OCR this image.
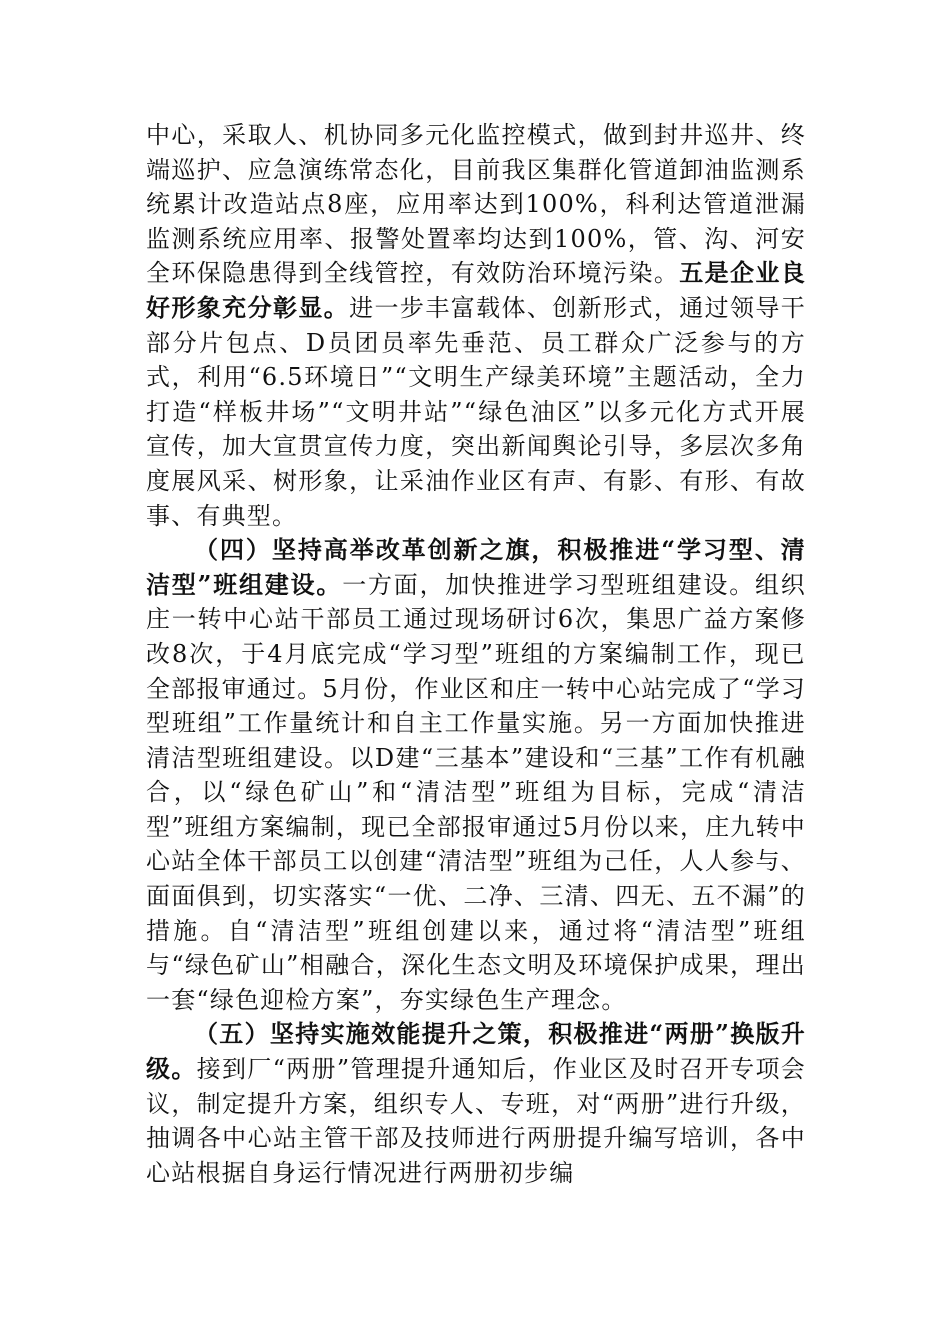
中心，采取人、机协同多元化监控模式，做到封井巡井、终端巡护、应急演练常态化，目前我区集群化管道卸油监测系统累计改造站点8座，应用率达到100%，科利达管道泄漏监测系统应用率、报警处置率均达到100%，管、沟、河安全环保隐患得到全线管控，有效防治环境污染。五是企业良好形象充分彰显。进一步丰富载体、创新形式，通过领导干部分片包点、D员团员率先垂范、员工群众广泛参与的方式，利用“6.5环境日”“文明生产绿美环境”主题活动，全力打造“样板井场”“文明井站”“绿色油区”以多元化方式开展宣传，加大宣贯宣传力度，突出新闻舆论引导，多层次多角度展风采、树形象，让采油作业区有声、有影、有形、有故事、有典型。

（四）坚持高举改革创新之旗，积极推进“学习型、清洁型”班组建设。一方面，加快推进学习型班组建设。组织庄一转中心站干部员工通过现场研讨6次，集思广益方案修改8次，于4月底完成“学习型”班组的方案编制工作，现已全部报审通过。5月份，作业区和庄一转中心站完成了“学习型班组”工作量统计和自主工作量实施。另一方面加快推进清洁型班组建设。以D建“三基本”建设和“三基”工作有机融合，以“绿色矿山”和“清洁型”班组为目标，完成“清洁型”班组方案编制，现已全部报审通过5月份以来，庄九转中心站全体干部员工以创建“清洁型”班组为己任，人人参与、面面俱到，切实落实“一优、二净、三清、四无、五不漏”的措施。自“清洁型”班组创建以来，通过将“清洁型”班组与“绿色矿山”相融合，深化生态文明及环境保护成果，理出一套“绿色迎检方案”，夯实绿色生产理念。

（五）坚持实施效能提升之策，积极推进“两册”换版升级。接到厂“两册”管理提升通知后，作业区及时召开专项会议，制定提升方案，组织专人、专班，对“两册”进行升级，抽调各中心站主管干部及技师进行两册提升编写培训，各中心站根据自身运行情况进行两册初步编
